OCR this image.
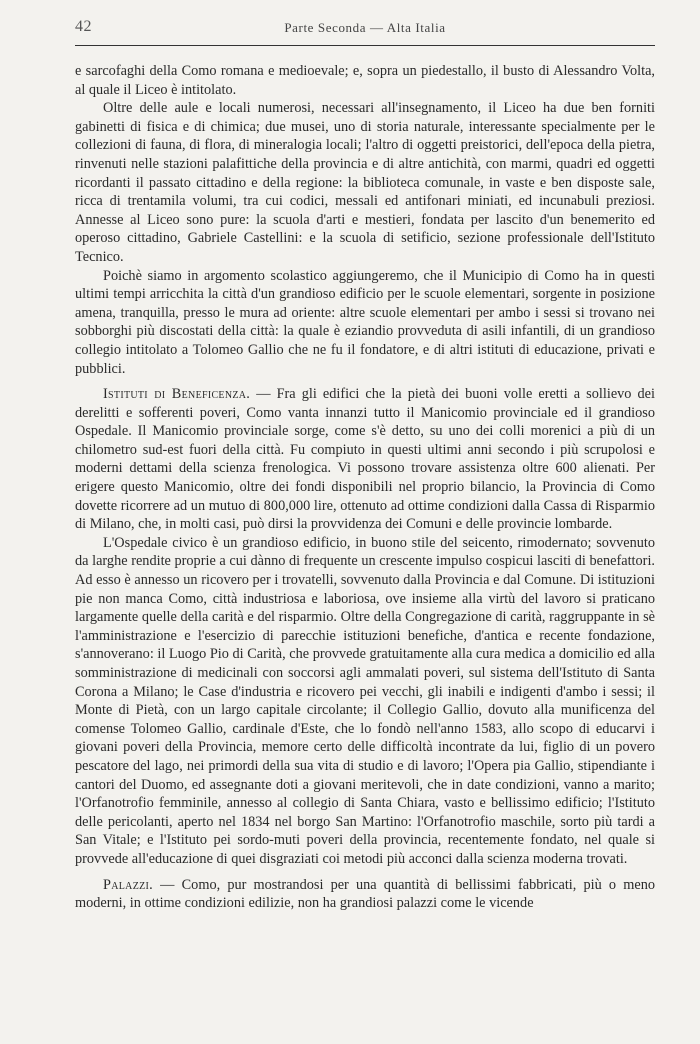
42	Parte Seconda — Alta Italia

e sarcofaghi della Como romana e medioevale; e, sopra un piedestallo, il busto di Alessandro Volta, al quale il Liceo è intitolato.

Oltre delle aule e locali numerosi, necessari all'insegnamento, il Liceo ha due ben forniti gabinetti di fisica e di chimica; due musei, uno di storia naturale, interessante specialmente per le collezioni di fauna, di flora, di mineralogia locali; l'altro di oggetti preistorici, dell'epoca della pietra, rinvenuti nelle stazioni palafittiche della provincia e di altre antichità, con marmi, quadri ed oggetti ricordanti il passato cittadino e della regione: la biblioteca comunale, in vaste e ben disposte sale, ricca di trentamila volumi, tra cui codici, messali ed antifonari miniati, ed incunabuli preziosi. Annesse al Liceo sono pure: la scuola d'arti e mestieri, fondata per lascito d'un benemerito ed operoso cittadino, Gabriele Castellini: e la scuola di setificio, sezione professionale dell'Istituto Tecnico.

Poichè siamo in argomento scolastico aggiungeremo, che il Municipio di Como ha in questi ultimi tempi arricchita la città d'un grandioso edificio per le scuole elementari, sorgente in posizione amena, tranquilla, presso le mura ad oriente: altre scuole elementari per ambo i sessi si trovano nei sobborghi più discostati della città: la quale è eziandio provveduta di asili infantili, di un grandioso collegio intitolato a Tolomeo Gallio che ne fu il fondatore, e di altri istituti di educazione, privati e pubblici.

Istituti di Beneficenza. — Fra gli edifici che la pietà dei buoni volle eretti a sollievo dei derelitti e sofferenti poveri, Como vanta innanzi tutto il Manicomio provinciale ed il grandioso Ospedale. Il Manicomio provinciale sorge, come s'è detto, su uno dei colli morenici a più di un chilometro sud-est fuori della città. Fu compiuto in questi ultimi anni secondo i più scrupolosi e moderni dettami della scienza frenologica. Vi possono trovare assistenza oltre 600 alienati. Per erigere questo Manicomio, oltre dei fondi disponibili nel proprio bilancio, la Provincia di Como dovette ricorrere ad un mutuo di 800,000 lire, ottenuto ad ottime condizioni dalla Cassa di Risparmio di Milano, che, in molti casi, può dirsi la provvidenza dei Comuni e delle provincie lombarde.

L'Ospedale civico è un grandioso edificio, in buono stile del seicento, rimodernato; sovvenuto da larghe rendite proprie a cui dànno di frequente un crescente impulso cospicui lasciti di benefattori. Ad esso è annesso un ricovero per i trovatelli, sovvenuto dalla Provincia e dal Comune. Di istituzioni pie non manca Como, città industriosa e laboriosa, ove insieme alla virtù del lavoro si praticano largamente quelle della carità e del risparmio. Oltre della Congregazione di carità, raggruppante in sè l'amministrazione e l'esercizio di parecchie istituzioni benefiche, d'antica e recente fondazione, s'annoverano: il Luogo Pio di Carità, che provvede gratuitamente alla cura medica a domicilio ed alla somministrazione di medicinali con soccorsi agli ammalati poveri, sul sistema dell'Istituto di Santa Corona a Milano; le Case d'industria e ricovero pei vecchi, gli inabili e indigenti d'ambo i sessi; il Monte di Pietà, con un largo capitale circolante; il Collegio Gallio, dovuto alla munificenza del comense Tolomeo Gallio, cardinale d'Este, che lo fondò nell'anno 1583, allo scopo di educarvi i giovani poveri della Provincia, memore certo delle difficoltà incontrate da lui, figlio di un povero pescatore del lago, nei primordi della sua vita di studio e di lavoro; l'Opera pia Gallio, stipendiante i cantori del Duomo, ed assegnante doti a giovani meritevoli, che in date condizioni, vanno a marito; l'Orfanotrofio femminile, annesso al collegio di Santa Chiara, vasto e bellissimo edificio; l'Istituto delle pericolanti, aperto nel 1834 nel borgo San Martino: l'Orfanotrofio maschile, sorto più tardi a San Vitale; e l'Istituto pei sordo-muti poveri della provincia, recentemente fondato, nel quale si provvede all'educazione di quei disgraziati coi metodi più acconci dalla scienza moderna trovati.

Palazzi. — Como, pur mostrandosi per una quantità di bellissimi fabbricati, più o meno moderni, in ottime condizioni edilizie, non ha grandiosi palazzi come le vicende
